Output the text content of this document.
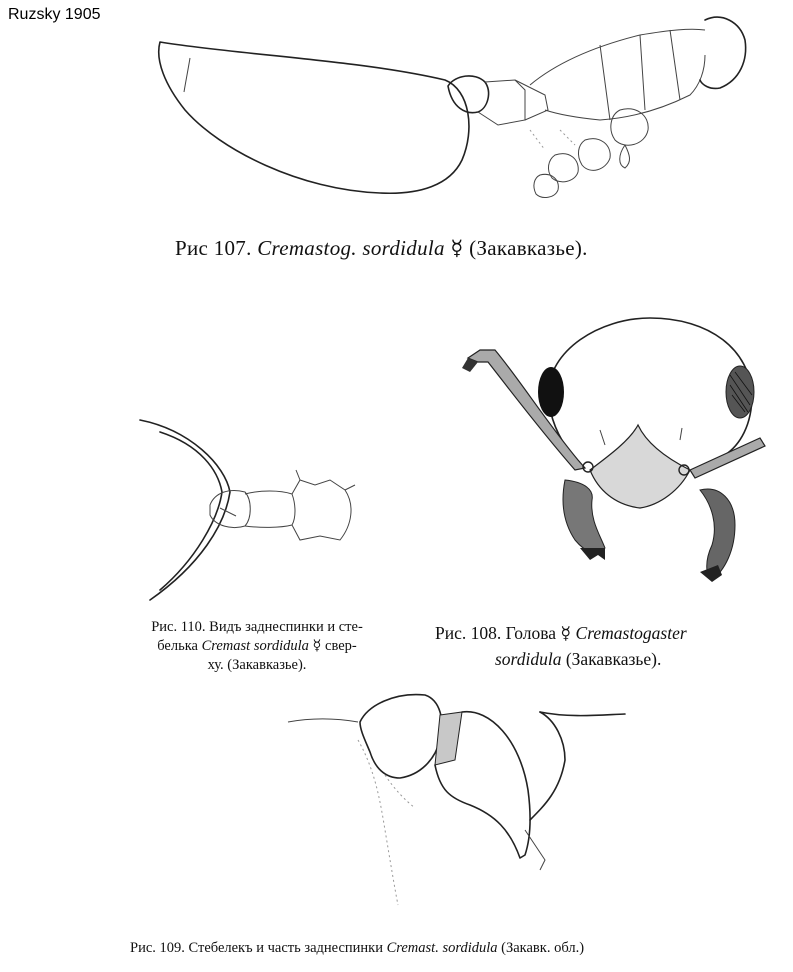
Ruzsky 1905
Рис 107. Cremastog. sordidula ☿ (Закавказье).
Рис. 110. Видъ заднеспинки и сте-
белька Cremast sordidula ☿ свер-
ху. (Закавказье).
Рис. 108. Голова ☿ Cremastogaster
sordidula (Закавказье).
Рис. 109. Стебелекъ и часть заднеспинки Cremast. sordidula (Закавк. обл.)
